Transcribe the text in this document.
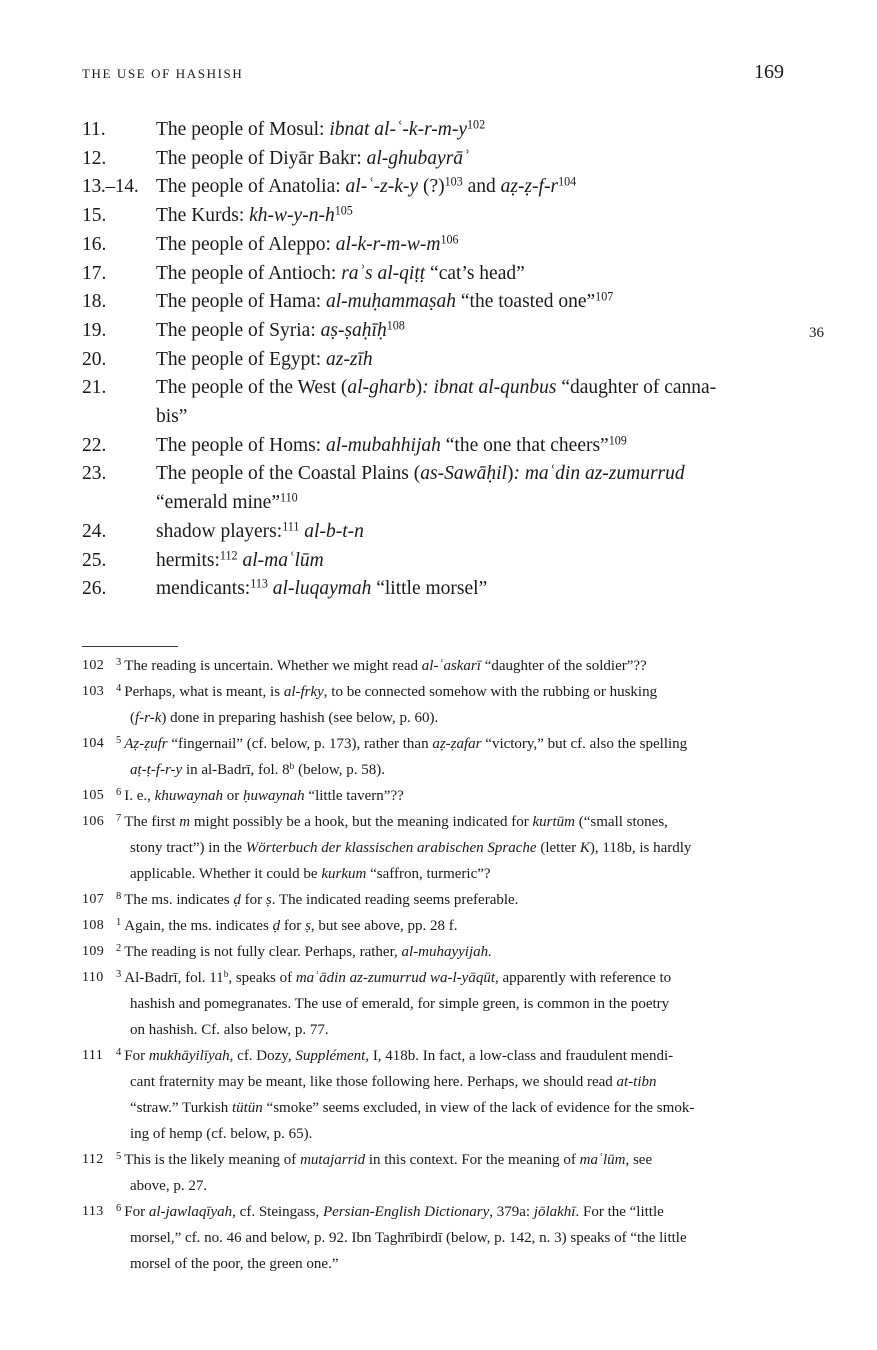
THE USE OF HASHISH	169
36
11.	The people of Mosul: ibnat $al-ʿ-k-r-m-y^{102}$
12.	The people of Diyār Bakr: al-ghubayrāʾ
13.–14. The people of Anatolia: al-ʿ-z-k-y (?)$^{103}$ and $aẓ-ẓ-f-r^{104}$
15.	The Kurds: $kh-w-y-n-h^{105}$
16.	The people of Aleppo: $al-k-r-m-w-m^{106}$
17.	The people of Antioch: raʾs al-qiṭṭ “cat’s head”
18.	The people of Hama: al-muḥammaṣah “the toasted one”$^{107}$
19.	The people of Syria: aṣ-ṣaḥīḥ$^{108}$
20.	The people of Egypt: az-zīh
21.	The people of the West (al-gharb): ibnat al-qunbus “daughter of canna-
bis”
22.	The people of Homs: al-mubahhijah “the one that cheers”$^{109}$
23.	The people of the Coastal Plains (as-Sawāḥil): maʿdin az-zumurrud
“emerald mine”$^{110}$
24.	shadow players:$^{111}$ al-b-t-n
25.	hermits:$^{112}$ al-maʿlūm
26.	mendicants:$^{113}$ al-luqaymah “little morsel”
102	$^3$ The reading is uncertain. Whether we might read al-ʿaskarī “daughter of the soldier”??
103	$^4$ Perhaps, what is meant, is al-frky, to be connected somehow with the rubbing or husking
(f-r-k) done in preparing hashish (see below, p. 60).
104	$^5$ Aẓ-ẓufr “fingernail” (cf. below, p. 173), rather than aẓ-ẓafar “victory,” but cf. also the spelling
aṭ-ṭ-f-r-y in al-Badrī, fol. 8$^b$ (below, p. 58).
105	$^6$ I. e., khuwaynah or ḥuwaynah “little tavern”??
106	$^7$ The first m might possibly be a hook, but the meaning indicated for kurtūm (“small stones,
stony tract”) in the Wörterbuch der klassischen arabischen Sprache (letter K), 118b, is hardly
applicable. Whether it could be kurkum “saffron, turmeric”?
107	$^8$ The ms. indicates ḍ for ṣ. The indicated reading seems preferable.
108	$^1$ Again, the ms. indicates ḍ for ṣ, but see above, pp. 28 f.
109	$^2$ The reading is not fully clear. Perhaps, rather, al-muhayyijah.
110	$^3$ Al-Badrī, fol. 11$^b$, speaks of maʿādin az-zumurrud wa-l-yāqūt, apparently with reference to
hashish and pomegranates. The use of emerald, for simple green, is common in the poetry
on hashish. Cf. also below, p. 77.
111	$^4$ For mukhāyilīyah, cf. Dozy, Supplément, I, 418b. In fact, a low-class and fraudulent mendi-
cant fraternity may be meant, like those following here. Perhaps, we should read at-tibn
“straw.” Turkish tütün “smoke” seems excluded, in view of the lack of evidence for the smok-
ing of hemp (cf. below, p. 65).
112	$^5$ This is the likely meaning of mutajarrid in this context. For the meaning of maʿlūm, see
above, p. 27.
113	$^6$ For al-jawlaqīyah, cf. Steingass, Persian-English Dictionary, 379a: jōlakhī. For the “little
morsel,” cf. no. 46 and below, p. 92. Ibn Taghrībirdī (below, p. 142, n. 3) speaks of “the little
morsel of the poor, the green one.”
